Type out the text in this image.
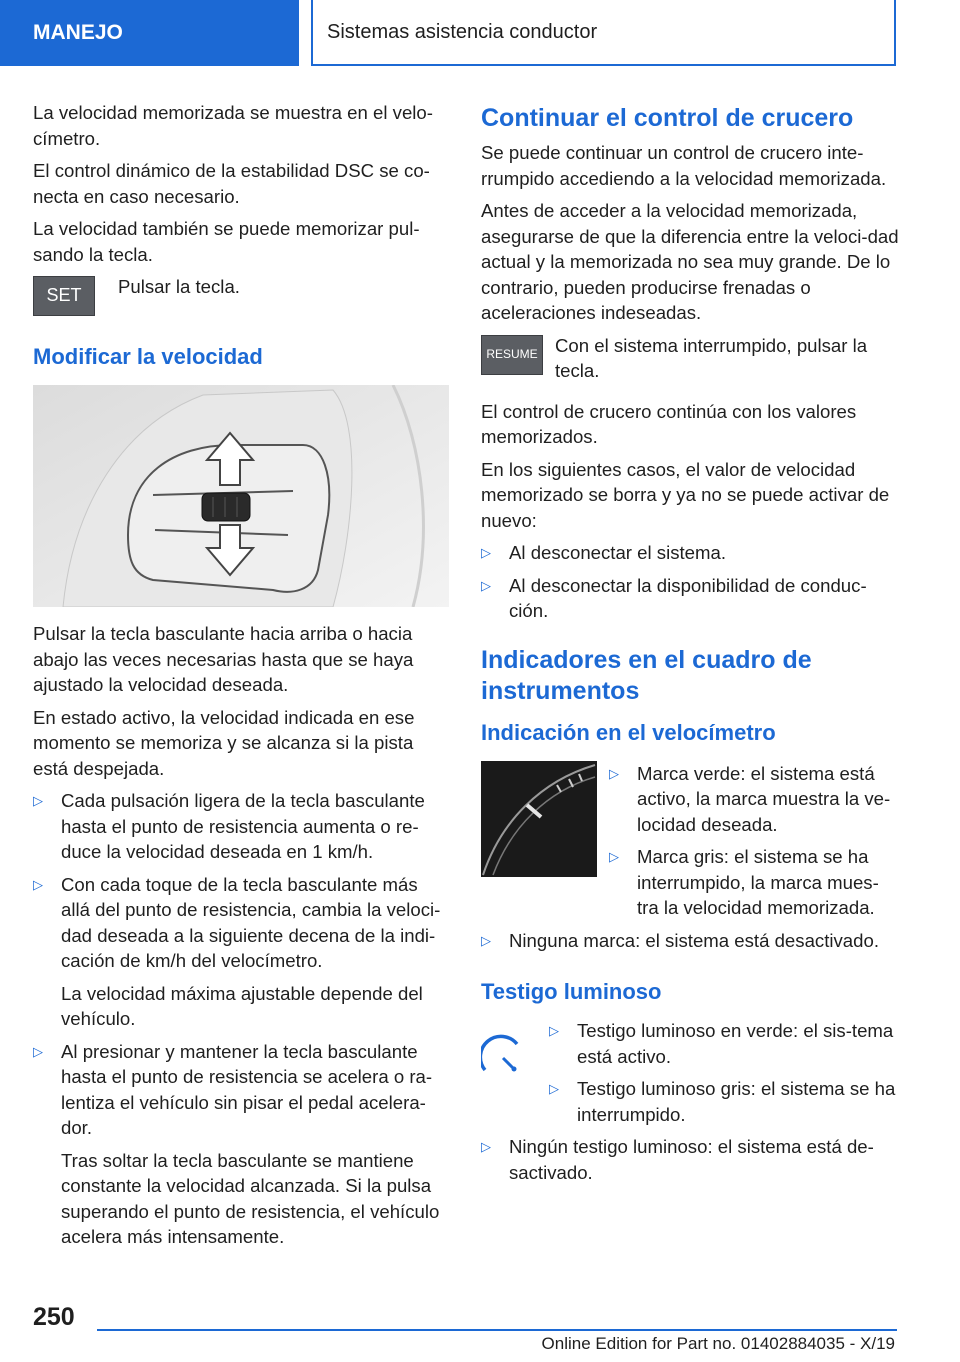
MANEJO	Sistemas asistencia conductor

La velocidad memorizada se muestra en el velo-címetro.

El control dinámico de la estabilidad DSC se co-necta en caso necesario.

La velocidad también se puede memorizar pul-sando la tecla.

SET Pulsar la tecla.
Modificar la velocidad

Pulsar la tecla basculante hacia arriba o hacia abajo las veces necesarias hasta que se haya ajustado la velocidad deseada.

En estado activo, la velocidad indicada en ese momento se memoriza y se alcanza si la pista está despejada.

▷ Cada pulsación ligera de la tecla basculante hasta el punto de resistencia aumenta o re-duce la velocidad deseada en 1 km/h.
▷ Con cada toque de la tecla basculante más allá del punto de resistencia, cambia la veloci-dad deseada a la siguiente decena de la indi-cación de km/h del velocímetro.

La velocidad máxima ajustable depende del vehículo.

▷ Al presionar y mantener la tecla basculante hasta el punto de resistencia se acelera o ra-lentiza el vehículo sin pisar el pedal acelera-dor.

Tras soltar la tecla basculante se mantiene constante la velocidad alcanzada. Si la pulsa superando el punto de resistencia, el vehículo acelera más intensamente.

Continuar el control de crucero

Se puede continuar un control de crucero inte-rrumpido accediendo a la velocidad memorizada.

Antes de acceder a la velocidad memorizada, asegurarse de que la diferencia entre la veloci-dad actual y la memorizada no sea muy grande. De lo contrario, pueden producirse frenadas o aceleraciones indeseadas.

RESUME Con el sistema interrumpido, pulsar la tecla.

El control de crucero continúa con los valores memorizados.

En los siguientes casos, el valor de velocidad memorizado se borra y ya no se puede activar de nuevo:

▷ Al desconectar el sistema.
▷ Al desconectar la disponibilidad de conduc-ción.
Indicadores en el cuadro de instrumentos
Indicación en el velocímetro
▷ Marca verde: el sistema está activo, la marca muestra la ve-locidad deseada.
▷ Marca gris: el sistema se ha interrumpido, la marca mues-tra la velocidad memorizada.
▷ Ninguna marca: el sistema está desactivado.
Testigo luminoso
▷ Testigo luminoso en verde: el sis-tema está activo.
▷ Testigo luminoso gris: el sistema se ha interrumpido.
▷ Ningún testigo luminoso: el sistema está de-sactivado.
250
Online Edition for Part no. 01402884035 - X/19
